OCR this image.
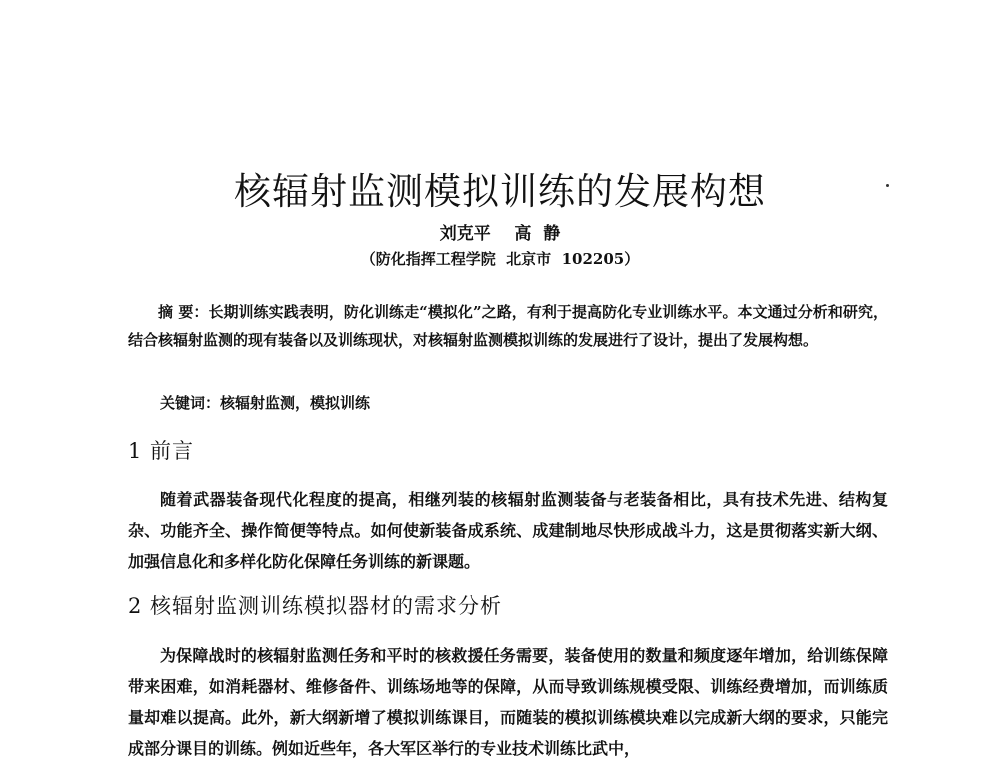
核辐射监测模拟训练的发展构想
刘克平    高  静
（防化指挥工程学院  北京市  102205）

摘 要：长期训练实践表明，防化训练走“模拟化”之路，有利于提高防化专业训练水平。本文通过分析和研究，结合核辐射监测的现有装备以及训练现状，对核辐射监测模拟训练的发展进行了设计，提出了发展构想。

关键词：核辐射监测，模拟训练

1 前言

随着武器装备现代化程度的提高，相继列装的核辐射监测装备与老装备相比，具有技术先进、结构复杂、功能齐全、操作简便等特点。如何使新装备成系统、成建制地尽快形成战斗力，这是贯彻落实新大纲、加强信息化和多样化防化保障任务训练的新课题。

2 核辐射监测训练模拟器材的需求分析

为保障战时的核辐射监测任务和平时的核救援任务需要，装备使用的数量和频度逐年增加，给训练保障带来困难，如消耗器材、维修备件、训练场地等的保障，从而导致训练规模受限、训练经费增加，而训练质量却难以提高。此外，新大纲新增了模拟训练课目，而随装的模拟训练模块难以完成新大纲的要求，只能完成部分课目的训练。例如近些年，各大军区举行的专业技术训练比武中，
